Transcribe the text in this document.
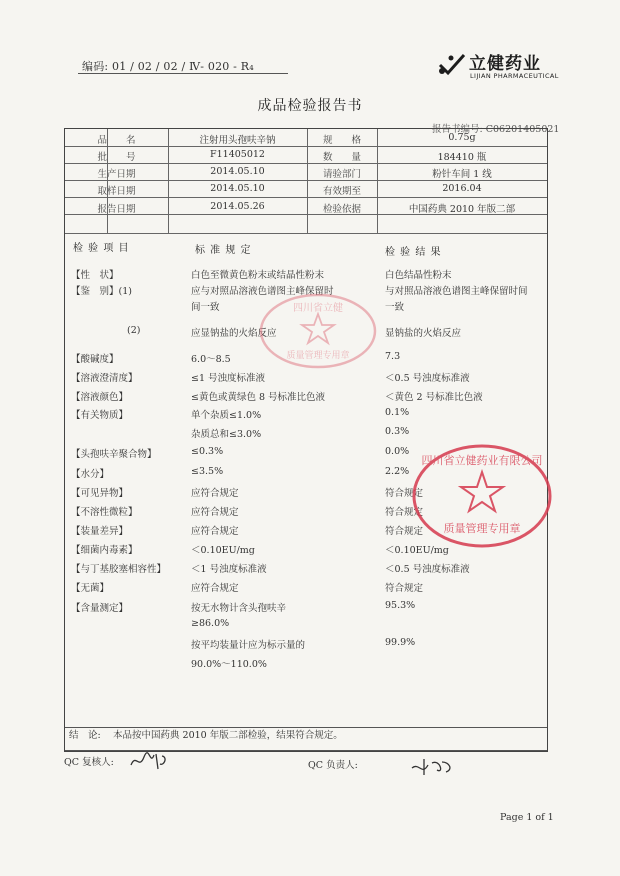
编码: 01 / 02 / 02 / Ⅳ- 020 - R₄	立健药业
LIJIAN PHARMACEUTICAL
成品检验报告书
报告书编号: C06201405021
品　　名	注射用头孢呋辛钠	规　　格	0.75g
批　　号	F11405012	数　　量	184410 瓶
生产日期	2014.05.10	请验部门	粉针车间 1 线
取样日期	2014.05.10	有效期至	2016.04
报告日期	2014.05.26	检验依据	中国药典 2010 年版二部
检 验 项 目	标 准 规 定	检 验 结 果
【性　状】	白色至微黄色粉末或结晶性粉末	白色结晶性粉末
【鉴　别】(1)	应与对照品溶液色谱图主峰保留时	与对照品溶液色谱图主峰保留时间
间一致	一致
(2)	应显钠盐的火焰反应	显钠盐的火焰反应
【酸碱度】	6.0～8.5	7.3
【溶液澄清度】	≤1 号浊度标准液	＜0.5 号浊度标准液
【溶液颜色】	≤黄色或黄绿色 8 号标准比色液	＜黄色 2 号标准比色液
【有关物质】	单个杂质≤1.0%	0.1%
杂质总和≤3.0%	0.3%
【头孢呋辛聚合物】	≤0.3%	0.0%
【水分】	≤3.5%	2.2%
【可见异物】	应符合规定	符合规定
【不溶性微粒】	应符合规定	符合规定
【装量差异】	应符合规定	符合规定
【细菌内毒素】	＜0.10EU/mg	＜0.10EU/mg
【与丁基胶塞相容性】	＜1 号浊度标准液	＜0.5 号浊度标准液
【无菌】	应符合规定	符合规定
【含量测定】	按无水物计含头孢呋辛	95.3%
≥86.0%
按平均装量计应为标示量的	99.9%
90.0%～110.0%
结　论: 本品按中国药典 2010 年版二部检验，结果符合规定。
QC 复核人:	QC 负责人:
Page 1 of 1
四川省立健
质量管理专用章
四川省立健药业有限公司
质量管理专用章
